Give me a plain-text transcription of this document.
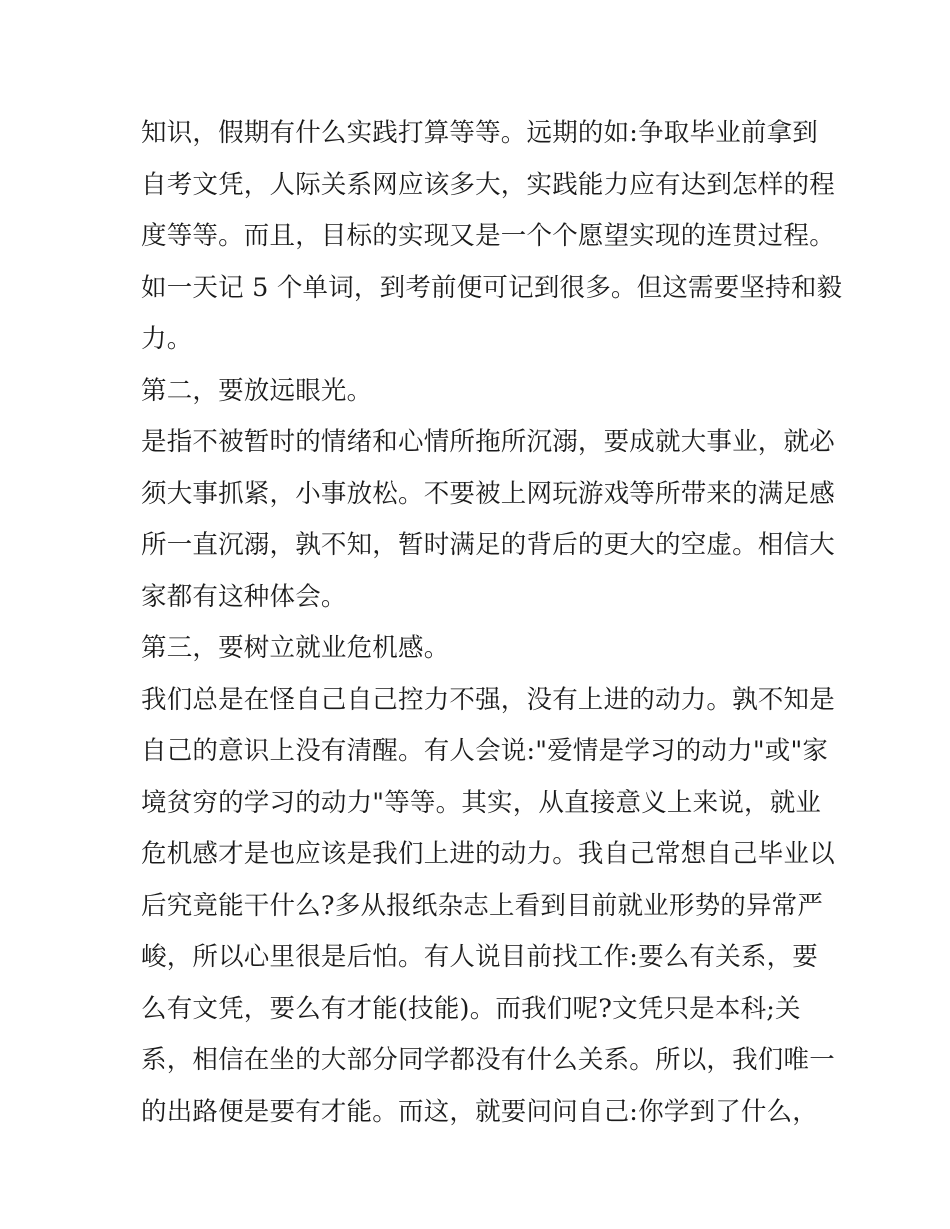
知识，假期有什么实践打算等等。远期的如:争取毕业前拿到
自考文凭，人际关系网应该多大，实践能力应有达到怎样的程
度等等。而且，目标的实现又是一个个愿望实现的连贯过程。
如一天记 5 个单词，到考前便可记到很多。但这需要坚持和毅
力。
第二，要放远眼光。
是指不被暂时的情绪和心情所拖所沉溺，要成就大事业，就必
须大事抓紧，小事放松。不要被上网玩游戏等所带来的满足感
所一直沉溺，孰不知，暂时满足的背后的更大的空虚。相信大
家都有这种体会。
第三，要树立就业危机感。
我们总是在怪自己自己控力不强，没有上进的动力。孰不知是
自己的意识上没有清醒。有人会说:"爱情是学习的动力"或"家
境贫穷的学习的动力"等等。其实，从直接意义上来说，就业
危机感才是也应该是我们上进的动力。我自己常想自己毕业以
后究竟能干什么?多从报纸杂志上看到目前就业形势的异常严
峻，所以心里很是后怕。有人说目前找工作:要么有关系，要
么有文凭，要么有才能(技能)。而我们呢?文凭只是本科;关
系，相信在坐的大部分同学都没有什么关系。所以，我们唯一
的出路便是要有才能。而这，就要问问自己:你学到了什么，
